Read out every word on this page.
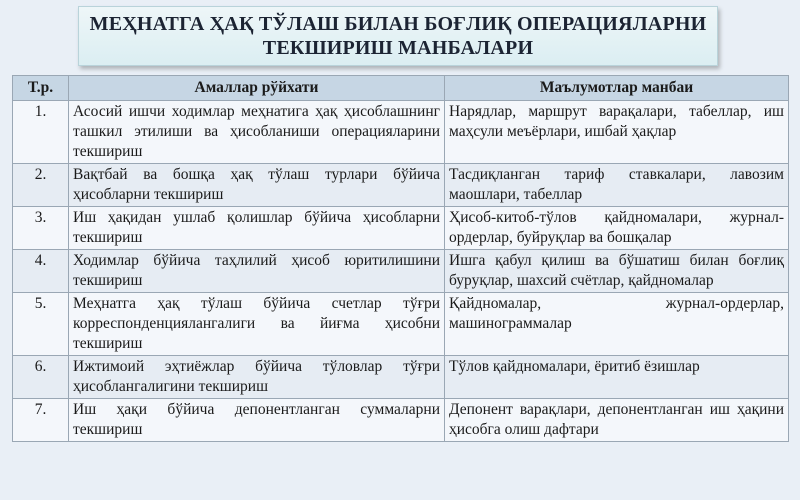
МЕҲНАТГА ҲАҚ ТЎЛАШ БИЛАН БОҒЛИҚ ОПЕРАЦИЯЛАРНИ
ТЕКШИРИШ МАНБАЛАРИ
Т.р.	Амаллар рўйхати	Маълумотлар манбаи
1.	Асосий ишчи ходимлар меҳнатига ҳақ ҳисоблашнинг ташкил этилиши ва ҳисобланиши операцияларини текшириш	Нарядлар, маршрут варақалари, табеллар, иш маҳсули меъёрлари, ишбай ҳақлар
2.	Вақтбай ва бошқа ҳақ тўлаш турлари бўйича ҳисобларни текшириш	Тасдиқланган тариф ставкалари, лавозим маошлари, табеллар
3.	Иш ҳақидан ушлаб қолишлар бўйича ҳисобларни текшириш	Ҳисоб-китоб-тўлов қайдномалари, журнал-ордерлар, буйруқлар ва бошқалар
4.	Ходимлар бўйича таҳлилий ҳисоб юритилишини текшириш	Ишга қабул қилиш ва бўшатиш билан боғлиқ буруқлар, шахсий счётлар, қайдномалар
5.	Меҳнатга ҳақ тўлаш бўйича счетлар тўғри корреспонденциялангалиги ва йиғма ҳисобни текшириш	Қайдномалар, журнал-ордерлар, машинограммалар
6.	Ижтимоий эҳтиёжлар бўйича тўловлар тўғри ҳисоблангалигини текшириш	Тўлов қайдномалари, ёритиб ёзишлар
7.	Иш ҳақи бўйича депонентланган суммаларни текшириш	Депонент варақлари, депонентланган иш ҳақини ҳисобга олиш дафтари
